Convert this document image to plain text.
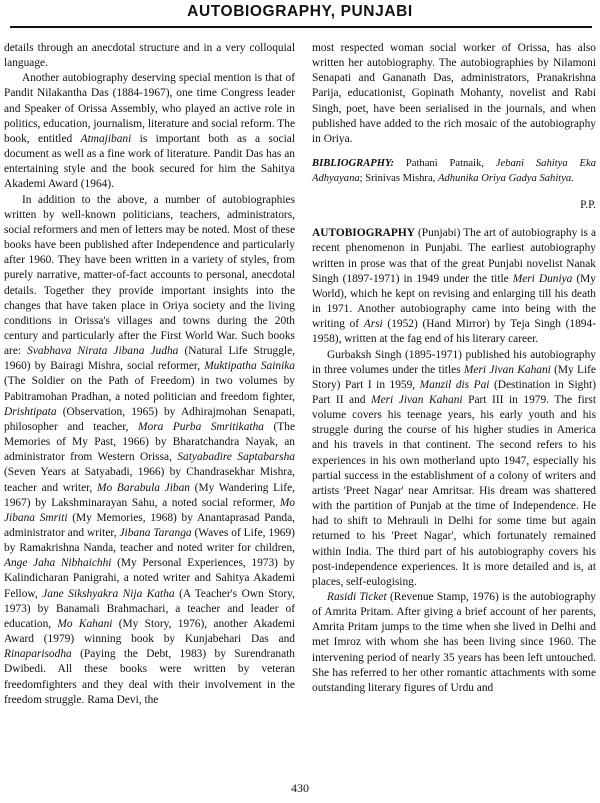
AUTOBIOGRAPHY, PUNJABI

details through an anecdotal structure and in a very colloquial language.

Another autobiography deserving special mention is that of Pandit Nilakantha Das (1884-1967), one time Congress leader and Speaker of Orissa Assembly, who played an active role in politics, education, journalism, literature and social reform. The book, entitled Atmajibani is important both as a social document as well as a fine work of literature. Pandit Das has an entertaining style and the book secured for him the Sahitya Akademi Award (1964).

In addition to the above, a number of autobiographies written by well-known politicians, teachers, administrators, social reformers and men of letters may be noted. Most of these books have been published after Independence and particularly after 1960. They have been written in a variety of styles, from purely narrative, matter-of-fact accounts to personal, anecdotal details. Together they provide important insights into the changes that have taken place in Oriya society and the living conditions in Orissa's villages and towns during the 20th century and particularly after the First World War. Such books are: Svabhava Nirata Jibana Judha (Natural Life Struggle, 1960) by Bairagi Mishra, social reformer, Muktipatha Sainika (The Soldier on the Path of Freedom) in two volumes by Pabitramohan Pradhan, a noted politician and freedom fighter, Drishtipata (Observation, 1965) by Adhirajmohan Senapati, philosopher and teacher, Mora Purba Smritikatha (The Memories of My Past, 1966) by Bharatchandra Nayak, an administrator from Western Orissa, Satyabadire Saptabarsha (Seven Years at Satyabadi, 1966) by Chandrasekhar Mishra, teacher and writer, Mo Barabula Jiban (My Wandering Life, 1967) by Lakshminarayan Sahu, a noted social reformer, Mo Jibana Smriti (My Memories, 1968) by Anantaprasad Panda, administrator and writer, Jibana Taranga (Waves of Life, 1969) by Ramakrishna Nanda, teacher and noted writer for children, Ange Jaha Nibhaichhi (My Personal Experiences, 1973) by Kalindicharan Panigrahi, a noted writer and Sahitya Akademi Fellow, Jane Sikshyakra Nija Katha (A Teacher's Own Story, 1973) by Banamali Brahmachari, a teacher and leader of education, Mo Kahani (My Story, 1976), another Akademi Award (1979) winning book by Kunjabehari Das and Rinaparisodha (Paying the Debt, 1983) by Surendranath Dwibedi. All these books were written by veteran freedomfighters and they deal with their involvement in the freedom struggle. Rama Devi, the

most respected woman social worker of Orissa, has also written her autobiography. The autobiographies by Nilamoni Senapati and Gananath Das, administrators, Pranakrishna Parija, educationist, Gopinath Mohanty, novelist and Rabi Singh, poet, have been serialised in the journals, and when published have added to the rich mosaic of the autobiography in Oriya.

BIBLIOGRAPHY: Pathani Patnaik, Jebani Sahitya Eka Adhyayana; Srinivas Mishra, Adhunika Oriya Gadya Sahitya.

P.P.

AUTOBIOGRAPHY (Punjabi) The art of autobiography is a recent phenomenon in Punjabi. The earliest autobiography written in prose was that of the great Punjabi novelist Nanak Singh (1897-1971) in 1949 under the title Meri Duniya (My World), which he kept on revising and enlarging till his death in 1971. Another autobiography came into being with the writing of Arsi (1952) (Hand Mirror) by Teja Singh (1894-1958), written at the fag end of his literary career.

Gurbaksh Singh (1895-1971) published his autobiography in three volumes under the titles Meri Jivan Kahani (My Life Story) Part I in 1959, Manzil dis Pai (Destination in Sight) Part II and Meri Jivan Kahani Part III in 1979. The first volume covers his teenage years, his early youth and his struggle during the course of his higher studies in America and his travels in that continent. The second refers to his experiences in his own motherland upto 1947, especially his partial success in the establishment of a colony of writers and artists 'Preet Nagar' near Amritsar. His dream was shattered with the partition of Punjab at the time of Independence. He had to shift to Mehrauli in Delhi for some time but again returned to his 'Preet Nagar', which fortunately remained within India. The third part of his autobiography covers his post-independence experiences. It is more detailed and is, at places, self-eulogising.

Rasidi Ticket (Revenue Stamp, 1976) is the autobiography of Amrita Pritam. After giving a brief account of her parents, Amrita Pritam jumps to the time when she lived in Delhi and met Imroz with whom she has been living since 1960. The intervening period of nearly 35 years has been left untouched. She has referred to her other romantic attachments with some outstanding literary figures of Urdu and

430
